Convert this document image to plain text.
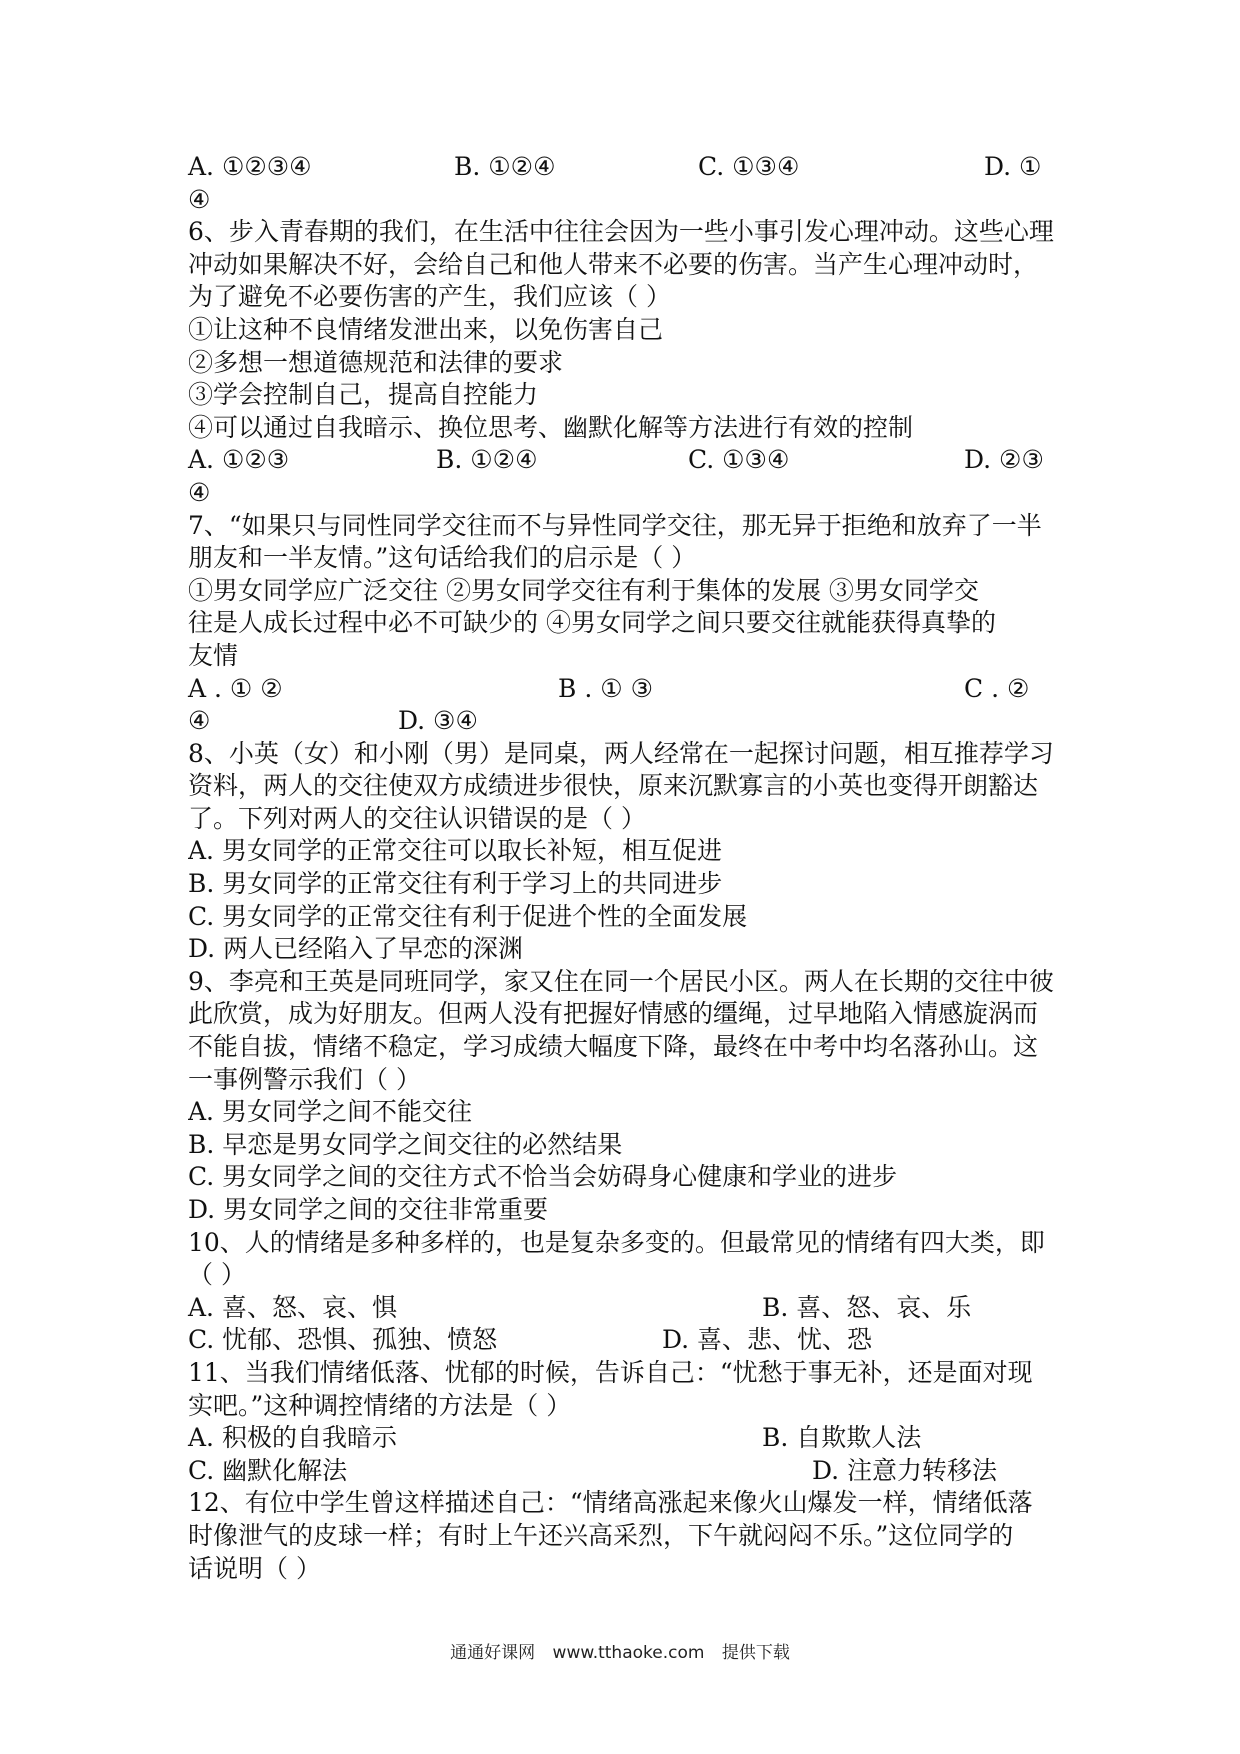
A. ①②③④	B. ①②④	C. ①③④	D. ①
④
6、步入青春期的我们，在生活中往往会因为一些小事引发心理冲动。这些心理
冲动如果解决不好，会给自己和他人带来不必要的伤害。当产生心理冲动时，
为了避免不必要伤害的产生，我们应该（ ）
①让这种不良情绪发泄出来，以免伤害自己
②多想一想道德规范和法律的要求
③学会控制自己，提高自控能力
④可以通过自我暗示、换位思考、幽默化解等方法进行有效的控制
A. ①②③	B. ①②④	C. ①③④	D. ②③
④
7、“如果只与同性同学交往而不与异性同学交往，那无异于拒绝和放弃了一半
朋友和一半友情。”这句话给我们的启示是（ ）
①男女同学应广泛交往 ②男女同学交往有利于集体的发展 ③男女同学交
往是人成长过程中必不可缺少的 ④男女同学之间只要交往就能获得真挚的
友情
A . ① ②	B . ① ③	C . ②
④	D. ③④
8、小英（女）和小刚（男）是同桌，两人经常在一起探讨问题，相互推荐学习
资料，两人的交往使双方成绩进步很快，原来沉默寡言的小英也变得开朗豁达
了。下列对两人的交往认识错误的是（ ）
A. 男女同学的正常交往可以取长补短，相互促进
B. 男女同学的正常交往有利于学习上的共同进步
C. 男女同学的正常交往有利于促进个性的全面发展
D. 两人已经陷入了早恋的深渊
9、李亮和王英是同班同学，家又住在同一个居民小区。两人在长期的交往中彼
此欣赏，成为好朋友。但两人没有把握好情感的缰绳，过早地陷入情感旋涡而
不能自拔，情绪不稳定，学习成绩大幅度下降，最终在中考中均名落孙山。这
一事例警示我们（ ）
A. 男女同学之间不能交往
B. 早恋是男女同学之间交往的必然结果
C. 男女同学之间的交往方式不恰当会妨碍身心健康和学业的进步
D. 男女同学之间的交往非常重要
10、人的情绪是多种多样的，也是复杂多变的。但最常见的情绪有四大类，即
（ ）
A. 喜、怒、哀、惧	B. 喜、怒、哀、乐
C. 忧郁、恐惧、孤独、愤怒	D. 喜、悲、忧、恐
11、当我们情绪低落、忧郁的时候，告诉自己：“忧愁于事无补，还是面对现
实吧。”这种调控情绪的方法是（ ）
A. 积极的自我暗示	B. 自欺欺人法
C. 幽默化解法	D. 注意力转移法
12、有位中学生曾这样描述自己：“情绪高涨起来像火山爆发一样，情绪低落
时像泄气的皮球一样；有时上午还兴高采烈，下午就闷闷不乐。”这位同学的
话说明（ ）
通通好课网 www.tthaoke.com 提供下载
